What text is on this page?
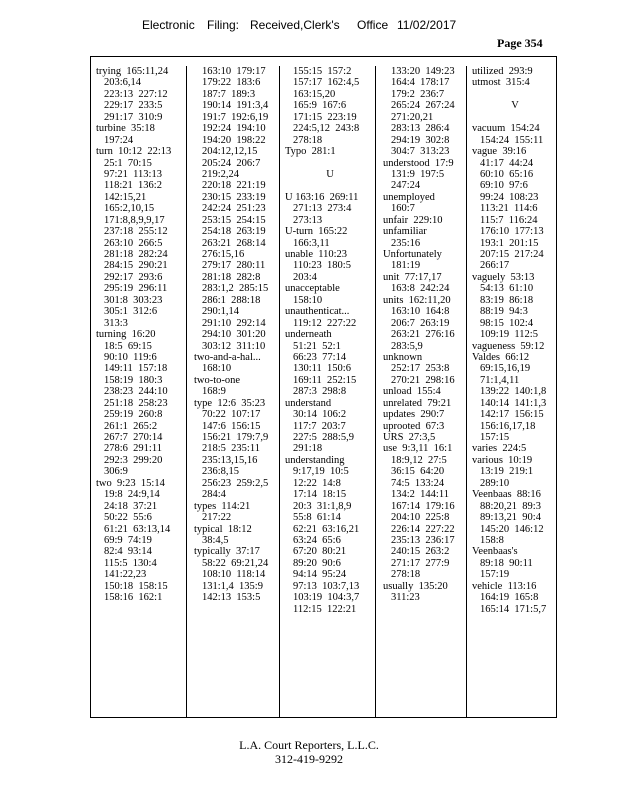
Electronic Filing: Received,Clerk's Office 11/02/2017
Page 354
trying  165:11,24
203:6,14
223:13  227:12
229:17  233:5
291:17  310:9
turbine  35:18
197:24
turn  10:12  22:13
25:1  70:15
97:21  113:13
118:21  136:2
142:15,21
165:2,10,15
171:8,8,9,9,17
237:18  255:12
263:10  266:5
281:18  282:24
284:15  290:21
292:17  293:6
295:19  296:11
301:8  303:23
305:1  312:6
313:3
turning  16:20
18:5  69:15
90:10  119:6
149:11  157:18
158:19  180:3
238:23  244:10
251:18  258:23
259:19  260:8
261:1  265:2
267:7  270:14
278:6  291:11
292:3  299:20
306:9
two  9:23  15:14
19:8  24:9,14
24:18  37:21
50:22  55:6
61:21  63:13,14
69:9  74:19
82:4  93:14
115:5  130:4
141:22,23
150:18  158:15
158:16  162:1
163:10  179:17
179:22  183:6
187:7  189:3
190:14  191:3,4
191:7  192:6,19
192:24  194:10
194:20  198:22
204:12,12,15
205:24  206:7
219:2,24
220:18  221:19
230:15  233:19
242:24  251:23
253:15  254:15
254:18  263:19
263:21  268:14
276:15,16
279:17  280:11
281:18  282:8
283:1,2  285:15
286:1  288:18
290:1,14
291:10  292:14
294:10  301:20
303:12  311:10
two-and-a-hal...
168:10
two-to-one
168:9
type  12:6  35:23
70:22  107:17
147:6  156:15
156:21  179:7,9
218:5  235:11
235:13,15,16
236:8,15
256:23  259:2,5
284:4
types  114:21
217:22
typical  18:12
38:4,5
typically  37:17
58:22  69:21,24
108:10  118:14
131:1,4  135:9
142:13  153:5
155:15  157:2
157:17  162:4,5
163:15,20
165:9  167:6
171:15  223:19
224:5,12  243:8
278:18
Typo  281:1
U
U 163:16  269:11
271:13  273:4
273:13
U-turn  165:22
166:3,11
unable  110:23
110:23  180:5
203:4
unacceptable
158:10
unauthenticat...
119:12  227:22
underneath
51:21  52:1
66:23  77:14
130:11  150:6
169:11  252:15
287:3  298:8
understand
30:14  106:2
117:7  203:7
227:5  288:5,9
291:18
understanding
9:17,19  10:5
12:22  14:8
17:14  18:15
20:3  31:1,8,9
55:8  61:14
62:21  63:16,21
63:24  65:6
67:20  80:21
89:20  90:6
94:14  95:24
97:13  103:7,13
103:19  104:3,7
112:15  122:21
133:20  149:23
164:4  178:17
179:2  236:7
265:24  267:24
271:20,21
283:13  286:4
294:19  302:8
304:7  313:23
understood  17:9
131:9  197:5
247:24
unemployed
160:7
unfair  229:10
unfamiliar
235:16
Unfortunately
181:19
unit  77:17,17
163:8  242:24
units  162:11,20
163:10  164:8
206:7  263:19
263:21  276:16
283:5,9
unknown
252:17  253:8
270:21  298:16
unload  155:4
unrelated  79:21
updates  290:7
uprooted  67:3
URS  27:3,5
use  9:3,11  16:1
18:9,12  27:5
36:15  64:20
74:5  133:24
134:2  144:11
167:14  179:16
204:10  225:8
226:14  227:22
235:13  236:17
240:15  263:2
271:17  277:9
278:18
usually  135:20
311:23
utilized  293:9
utmost  315:4
V
vacuum  154:24
154:24  155:11
vague  39:16
41:17  44:24
60:10  65:16
69:10  97:6
99:24  108:23
113:21  114:6
115:7  116:24
176:10  177:13
193:1  201:15
207:15  217:24
266:17
vaguely  53:13
54:13  61:10
83:19  86:18
88:19  94:3
98:15  102:4
109:19  112:5
vagueness  59:12
Valdes  66:12
69:15,16,19
71:1,4,11
139:22  140:1,8
140:14  141:1,3
142:17  156:15
156:16,17,18
157:15
varies  224:5
various  10:19
13:19  219:1
289:10
Veenbaas  88:16
88:20,21  89:3
89:13,21  90:4
145:20  146:12
158:8
Veenbaas's
89:18  90:11
157:19
vehicle  113:16
164:19  165:8
165:14  171:5,7
L.A. Court Reporters, L.L.C.
312-419-9292
